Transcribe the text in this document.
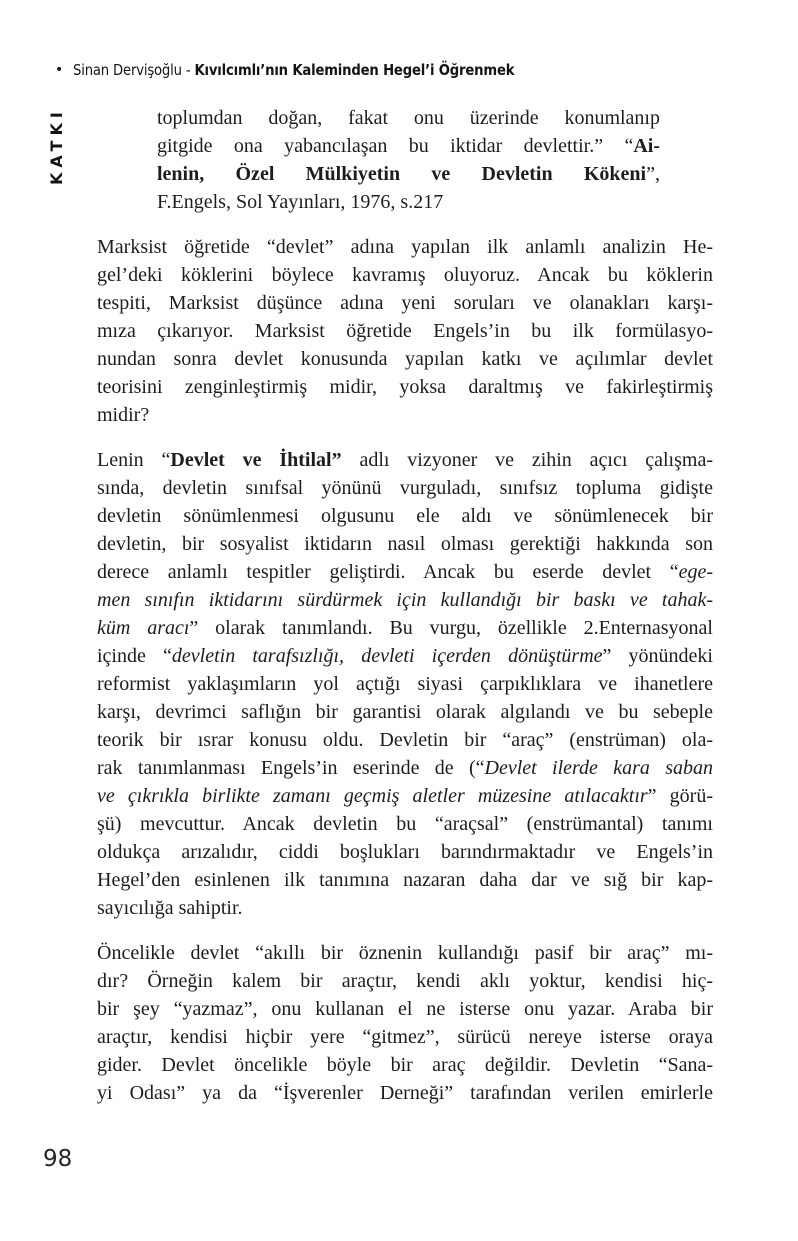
• Sinan Dervişoğlu - Kıvılcımlı’nın Kaleminden Hegel’i Öğrenmek
KATKI	toplumdan doğan, fakat onu üzerinde konumlanıp
gitgide ona yabancılaşan bu iktidar devlettir.” “Ai-
lenin, Özel Mülkiyetin ve Devletin Kökeni”,
F.Engels, Sol Yayınları, 1976, s.217
Marksist öğretide “devlet” adına yapılan ilk anlamlı analizin He-
gel’deki köklerini böylece kavramış oluyoruz. Ancak bu köklerin
tespiti, Marksist düşünce adına yeni soruları ve olanakları karşı-
mıza çıkarıyor. Marksist öğretide Engels’in bu ilk formülasyo-
nundan sonra devlet konusunda yapılan katkı ve açılımlar devlet
teorisini zenginleştirmiş midir, yoksa daraltmış ve fakirleştirmiş
midir?
Lenin “Devlet ve İhtilal” adlı vizyoner ve zihin açıcı çalışma-
sında, devletin sınıfsal yönünü vurguladı, sınıfsız topluma gidişte
devletin sönümlenmesi olgusunu ele aldı ve sönümlenecek bir
devletin, bir sosyalist iktidarın nasıl olması gerektiği hakkında son
derece anlamlı tespitler geliştirdi. Ancak bu eserde devlet “ege-
men sınıfın iktidarını sürdürmek için kullandığı bir baskı ve tahak-
küm aracı” olarak tanımlandı. Bu vurgu, özellikle 2.Enternasyonal
içinde “devletin tarafsızlığı, devleti içerden dönüştürme” yönündeki
reformist yaklaşımların yol açtığı siyasi çarpıklıklara ve ihanetlere
karşı, devrimci saflığın bir garantisi olarak algılandı ve bu sebeple
teorik bir ısrar konusu oldu. Devletin bir “araç” (enstrüman) ola-
rak tanımlanması Engels’in eserinde de (“Devlet ilerde kara saban
ve çıkrıkla birlikte zamanı geçmiş aletler müzesine atılacaktır” görü-
şü) mevcuttur. Ancak devletin bu “araçsal” (enstrümantal) tanımı
oldukça arızalıdır, ciddi boşlukları barındırmaktadır ve Engels’in
Hegel’den esinlenen ilk tanımına nazaran daha dar ve sığ bir kap-
sayıcılığa sahiptir.
Öncelikle devlet “akıllı bir öznenin kullandığı pasif bir araç” mı-
dır? Örneğin kalem bir araçtır, kendi aklı yoktur, kendisi hiç-
bir şey “yazmaz”, onu kullanan el ne isterse onu yazar. Araba bir
araçtır, kendisi hiçbir yere “gitmez”, sürücü nereye isterse oraya
gider. Devlet öncelikle böyle bir araç değildir. Devletin “Sana-
yi Odası” ya da “İşverenler Derneği” tarafından verilen emirlerle
98
